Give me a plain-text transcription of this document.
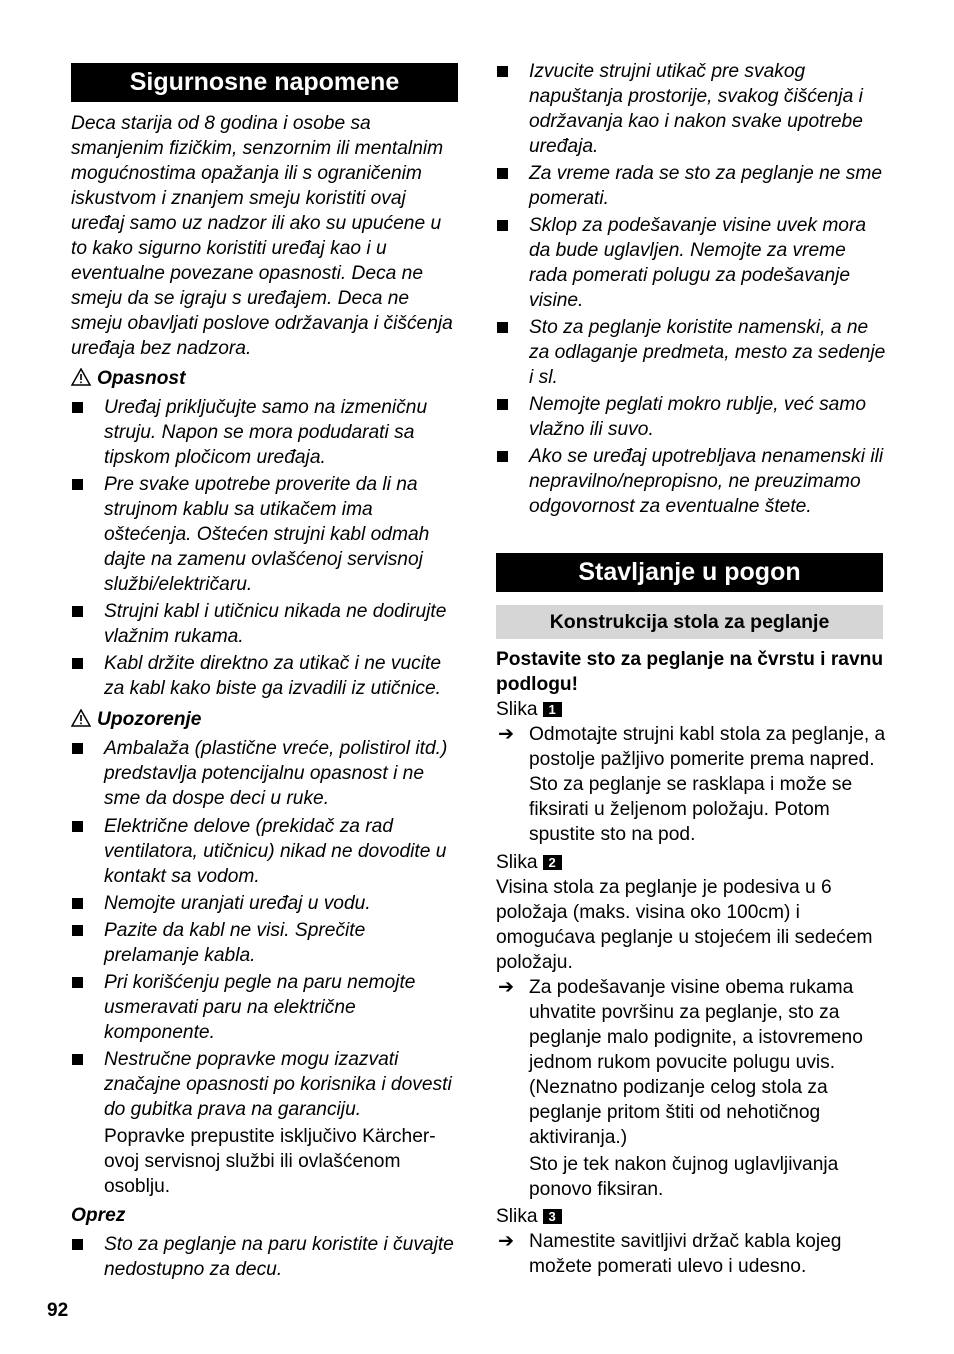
Sigurnosne napomene
Deca starija od 8 godina i osobe sa smanjenim fizičkim, senzornim ili mentalnim mogućnostima opažanja ili s ograničenim iskustvom i znanjem smeju koristiti ovaj uređaj samo uz nadzor ili ako su upućene u to kako sigurno koristiti uređaj kao i u eventualne povezane opasnosti. Deca ne smeju da se igraju s uređajem. Deca ne smeju obavljati poslove održavanja i čišćenja uređaja bez nadzora.
Opasnost
Uređaj priključujte samo na izmeničnu struju. Napon se mora podudarati sa tipskom pločicom uređaja.
Pre svake upotrebe proverite da li na strujnom kablu sa utikačem ima oštećenja. Oštećen strujni kabl odmah dajte na zamenu ovlašćenoj servisnoj službi/električaru.
Strujni kabl i utičnicu nikada ne dodirujte vlažnim rukama.
Kabl držite direktno za utikač i ne vucite za kabl kako biste ga izvadili iz utičnice.
Upozorenje
Ambalaža (plastične vreće, polistirol itd.) predstavlja potencijalnu opasnost i ne sme da dospe deci u ruke.
Električne delove (prekidač za rad ventilatora, utičnicu) nikad ne dovodite u kontakt sa vodom.
Nemojte uranjati uređaj u vodu.
Pazite da kabl ne visi. Sprečite prelamanje kabla.
Pri korišćenju pegle na paru nemojte usmeravati paru na električne komponente.
Nestručne popravke mogu izazvati značajne opasnosti po korisnika i dovesti do gubitka prava na garanciju.
Popravke prepustite isključivo Kärcher-ovoj servisnoj službi ili ovlašćenom osoblju.
Oprez
Sto za peglanje na paru koristite i čuvajte nedostupno za decu.
Izvucite strujni utikač pre svakog napuštanja prostorije, svakog čišćenja i održavanja kao i nakon svake upotrebe uređaja.
Za vreme rada se sto za peglanje ne sme pomerati.
Sklop za podešavanje visine uvek mora da bude uglavljen. Nemojte za vreme rada pomerati polugu za podešavanje visine.
Sto za peglanje koristite namenski, a ne za odlaganje predmeta, mesto za sedenje i sl.
Nemojte peglati mokro rublje, već samo vlažno ili suvo.
Ako se uređaj upotrebljava nenamenski ili nepravilno/nepropisno, ne preuzimamo odgovornost za eventualne štete.
Stavljanje u pogon
Konstrukcija stola za peglanje
Postavite sto za peglanje na čvrstu i ravnu podlogu!
Slika 1
➔ Odmotajte strujni kabl stola za peglanje, a postolje pažljivo pomerite prema napred. Sto za peglanje se rasklapa i može se fiksirati u željenom položaju. Potom spustite sto na pod.
Slika 2
Visina stola za peglanje je podesiva u 6 položaja (maks. visina oko 100cm) i omogućava peglanje u stojećem ili sedećem položaju.
➔ Za podešavanje visine obema rukama uhvatite površinu za peglanje, sto za peglanje malo podignite, a istovremeno jednom rukom povucite polugu uvis. (Neznatno podizanje celog stola za peglanje pritom štiti od nehotičnog aktiviranja.)
Sto je tek nakon čujnog uglavljivanja ponovo fiksiran.
Slika 3
➔ Namestite savitljivi držač kabla kojeg možete pomerati ulevo i udesno.
92
